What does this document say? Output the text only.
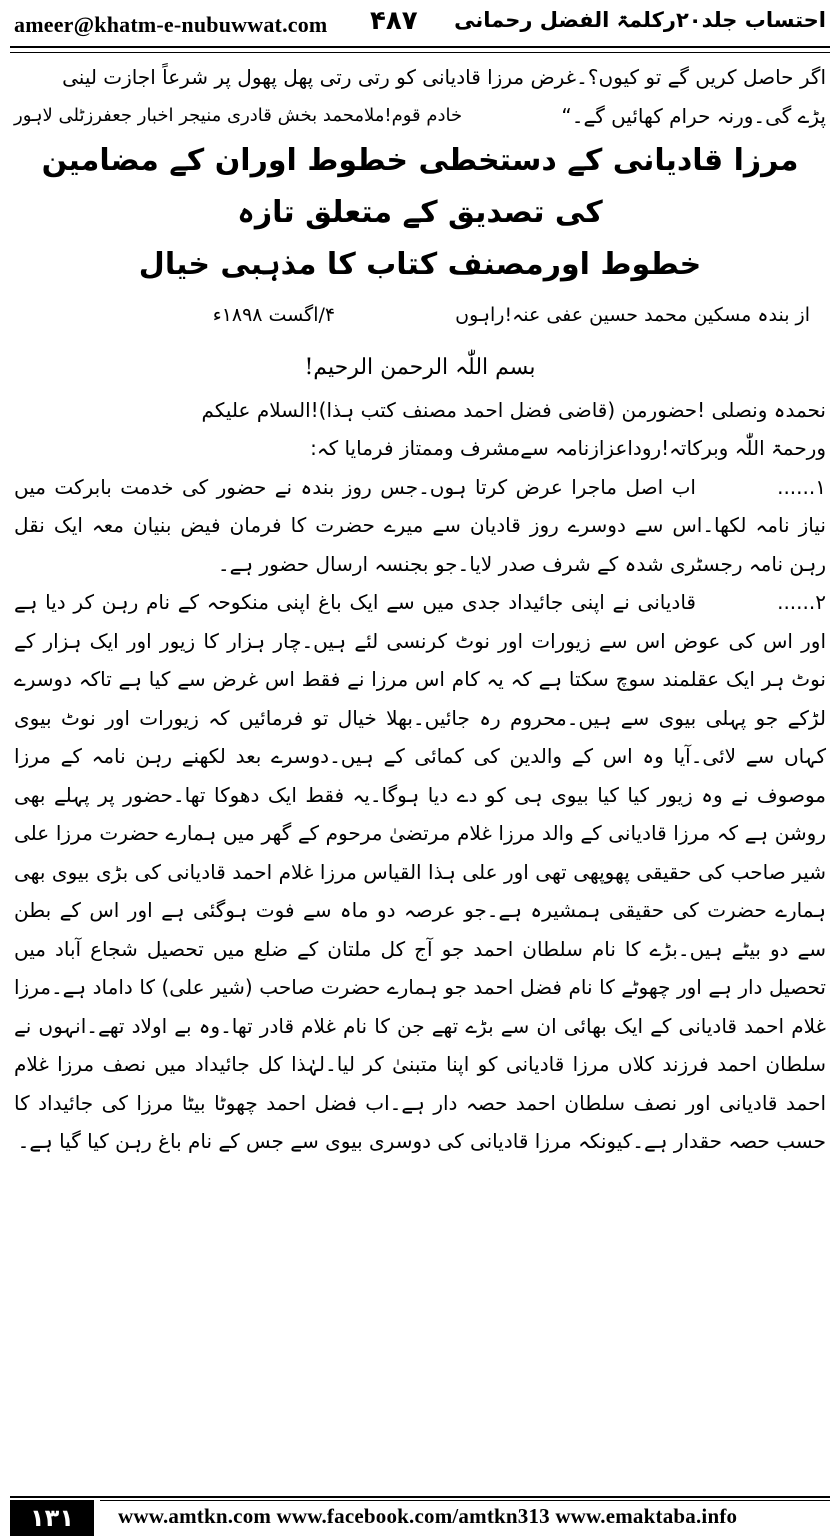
ameer@khatm-e-nubuwwat.com ۴۸۷ احتساب جلد۲۰رکلمۃ الفضل رحمانی

اگر حاصل کریں گے تو کیوں؟۔غرض مرزا قادیانی کو رتی رتی پھل پھول پر شرعاً اجازت لینی

پڑے گی۔ورنہ حرام کھائیں گے۔“
خادم قوم!ملامحمد بخش قادری منیجر اخبار جعفرزٹلی لاہور

مرزا قادیانی کے دستخطی خطوط اوران کے مضامین کی تصدیق کے متعلق تازہ

خطوط اورمصنف کتاب کا مذہبی خیال

از بندہ مسکین محمد حسین عفی عنہ!راہوں
۴/اگست ۱۸۹۸ء
بسم اللّٰہ الرحمن الرحیم!

نحمدہ ونصلی !حضورمن (قاضی فضل احمد مصنف کتب ہذا)!السلام علیکم

ورحمۃ اللّٰہ وبرکاتہ!روداعزازنامہ سےمشرف وممتاز فرمایا کہ:

۱......اب اصل ماجرا عرض کرتا ہوں۔جس روز بندہ نے حضور کی خدمت بابرکت میں نیاز نامہ لکھا۔اس سے دوسرے روز قادیان سے میرے حضرت کا فرمان فیض بنیان معہ ایک نقل رہن نامہ رجسٹری شدہ کے شرف صدر لایا۔جو بجنسہ ارسال حضور ہے۔

۲......قادیانی نے اپنی جائیداد جدی میں سے ایک باغ اپنی منکوحہ کے نام رہن کر دیا ہے اور اس کی عوض اس سے زیورات اور نوٹ کرنسی لئے ہیں۔چار ہزار کا زیور اور ایک ہزار کے نوٹ ہر ایک عقلمند سوچ سکتا ہے کہ یہ کام اس مرزا نے فقط اس غرض سے کیا ہے تاکہ دوسرے لڑکے جو پہلی بیوی سے ہیں۔محروم رہ جائیں۔بھلا خیال تو فرمائیں کہ زیورات اور نوٹ بیوی کہاں سے لائی۔آیا وہ اس کے والدین کی کمائی کے ہیں۔دوسرے بعد لکھنے رہن نامہ کے مرزا موصوف نے وہ زیور کیا کیا بیوی ہی کو دے دیا ہوگا۔یہ فقط ایک دھوکا تھا۔حضور پر پہلے بھی روشن ہے کہ مرزا قادیانی کے والد مرزا غلام مرتضیٰ مرحوم کے گھر میں ہمارے حضرت مرزا علی شیر صاحب کی حقیقی پھوپھی تھی اور علی ہذا القیاس مرزا غلام احمد قادیانی کی بڑی بیوی بھی ہمارے حضرت کی حقیقی ہمشیرہ ہے۔جو عرصہ دو ماہ سے فوت ہوگئی ہے اور اس کے بطن سے دو بیٹے ہیں۔بڑے کا نام سلطان احمد جو آج کل ملتان کے ضلع میں تحصیل شجاع آباد میں تحصیل دار ہے اور چھوٹے کا نام فضل احمد جو ہمارے حضرت صاحب (شیر علی) کا داماد ہے۔مرزا غلام احمد قادیانی کے ایک بھائی ان سے بڑے تھے جن کا نام غلام قادر تھا۔وہ بے اولاد تھے۔انہوں نے سلطان احمد فرزند کلاں مرزا قادیانی کو اپنا متبنیٰ کر لیا۔لہٰذا کل جائیداد میں نصف مرزا غلام احمد قادیانی اور نصف سلطان احمد حصہ دار ہے۔اب فضل احمد چھوٹا بیٹا مرزا کی جائیداد کا حسب حصہ حقدار ہے۔کیونکہ مرزا قادیانی کی دوسری بیوی سے جس کے نام باغ رہن کیا گیا ہے۔

۱۳۱	www.amtkn.com www.facebook.com/amtkn313 www.emaktaba.info
